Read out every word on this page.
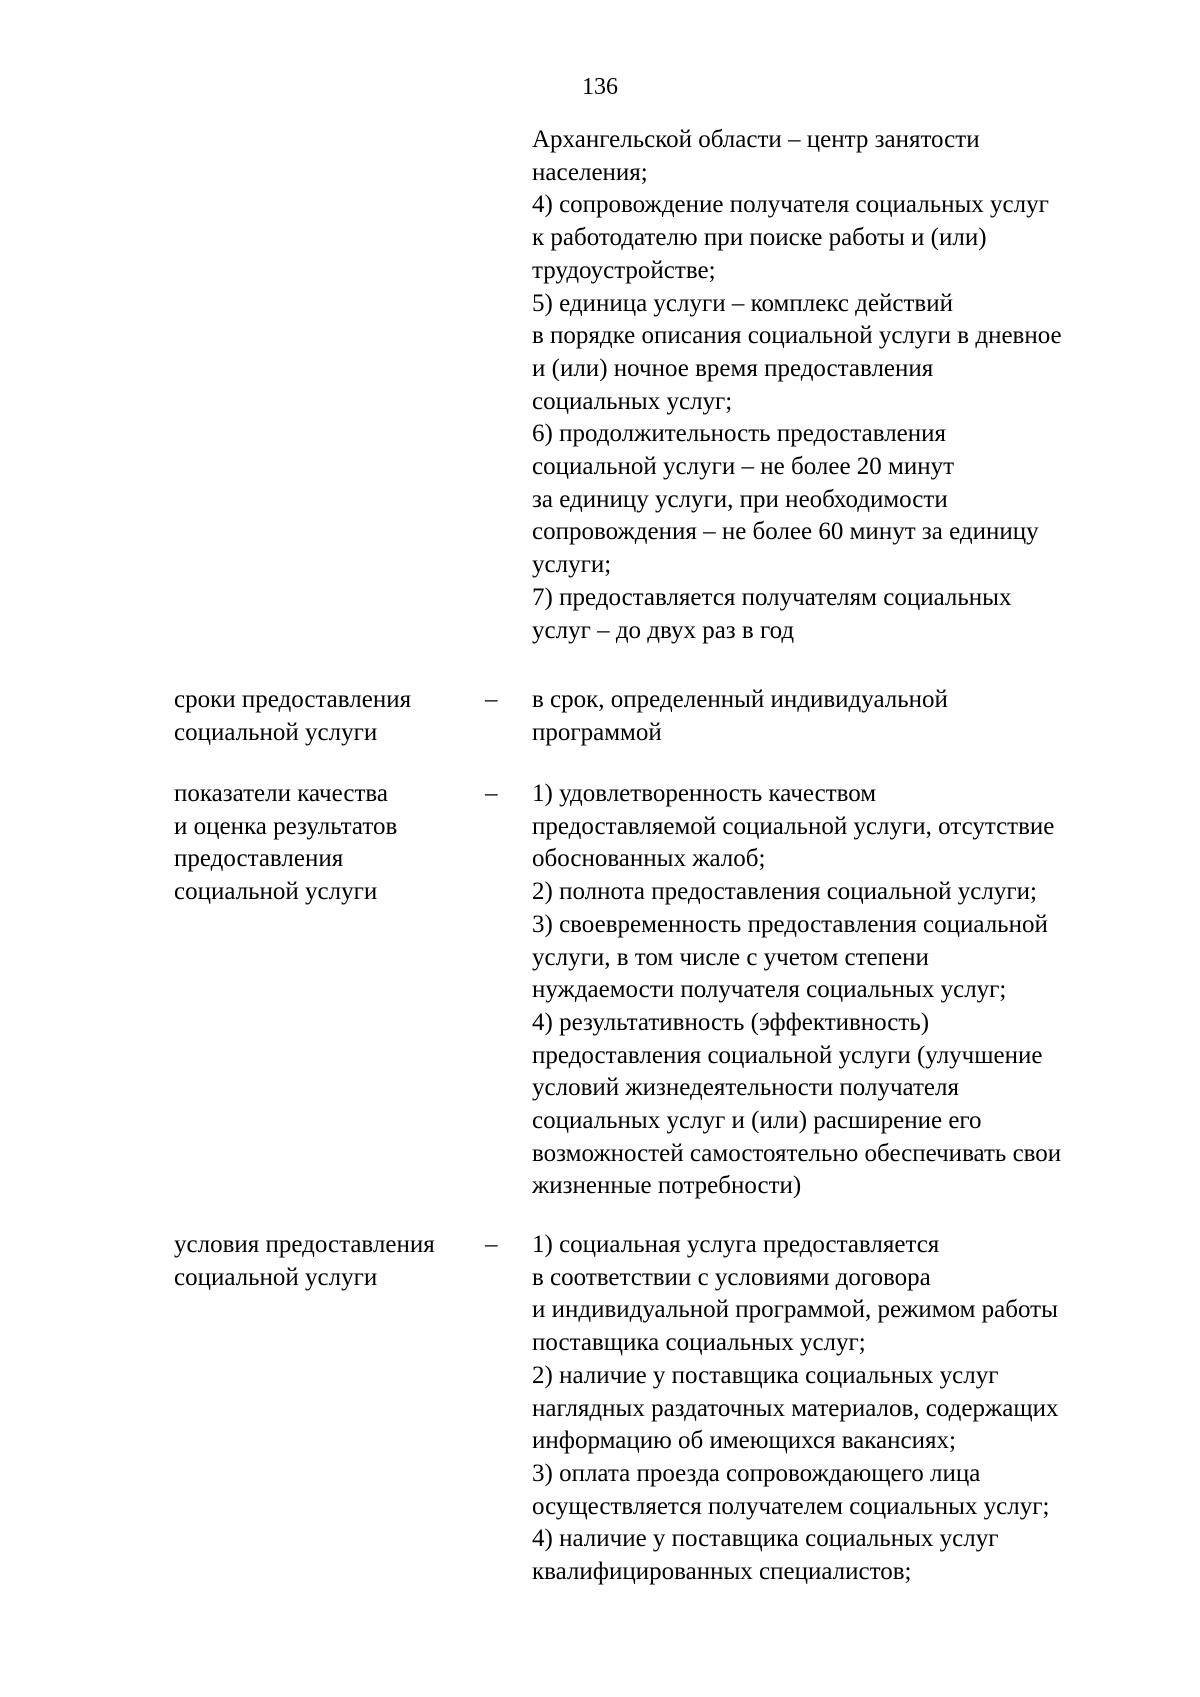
136
Архангельской области – центр занятости
населения;
4) сопровождение получателя социальных услуг
к работодателю при поиске работы и (или)
трудоустройстве;
5) единица услуги – комплекс действий
в порядке описания социальной услуги в дневное
и (или) ночное время предоставления
социальных услуг;
6) продолжительность предоставления
социальной услуги – не более 20 минут
за единицу услуги, при необходимости
сопровождения – не более 60 минут за единицу
услуги;
7) предоставляется получателям социальных
услуг – до двух раз в год
сроки предоставления
социальной услуги
–	в срок, определенный индивидуальной
программой
показатели качества
и оценка результатов
предоставления
социальной услуги
–	1) удовлетворенность качеством
предоставляемой социальной услуги, отсутствие
обоснованных жалоб;
2) полнота предоставления социальной услуги;
3) своевременность предоставления социальной
услуги, в том числе с учетом степени
нуждаемости получателя социальных услуг;
4) результативность (эффективность)
предоставления социальной услуги (улучшение
условий жизнедеятельности получателя
социальных услуг и (или) расширение его
возможностей самостоятельно обеспечивать свои
жизненные потребности)
условия предоставления
социальной услуги
–	1) социальная услуга предоставляется
в соответствии с условиями договора
и индивидуальной программой, режимом работы
поставщика социальных услуг;
2) наличие у поставщика социальных услуг
наглядных раздаточных материалов, содержащих
информацию об имеющихся вакансиях;
3) оплата проезда сопровождающего лица
осуществляется получателем социальных услуг;
4) наличие у поставщика социальных услуг
квалифицированных специалистов;
